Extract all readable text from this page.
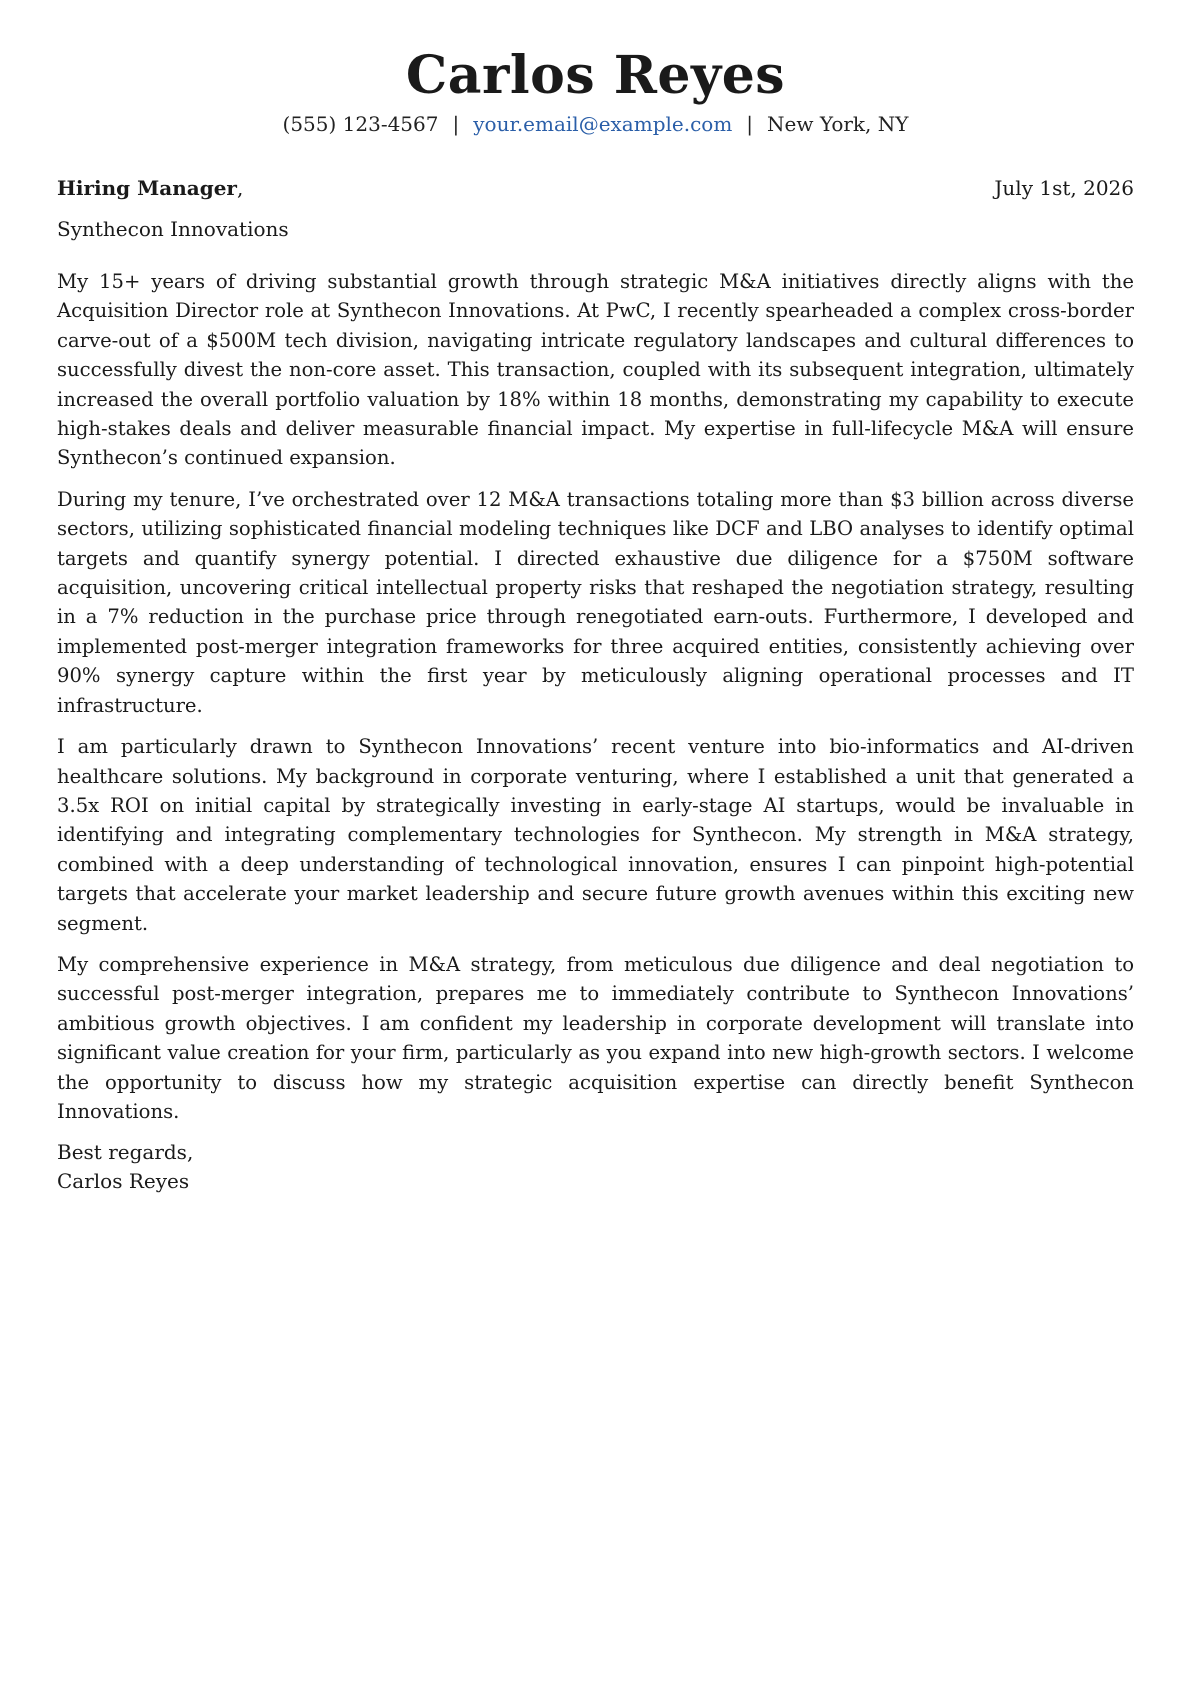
Carlos Reyes
(555) 123-4567 | your.email@example.com | New York, NY
Hiring Manager,	July 1st, 2026
Synthecon Innovations

My 15+ years of driving substantial growth through strategic M&A initiatives directly aligns with the Acquisition Director role at Synthecon Innovations. At PwC, I recently spearheaded a complex cross-border carve-out of a $500M tech division, navigating intricate regulatory landscapes and cultural differences to successfully divest the non-core asset. This transaction, coupled with its subsequent integration, ultimately increased the overall portfolio valuation by 18% within 18 months, demonstrating my capability to execute high-stakes deals and deliver measurable financial impact. My expertise in full-lifecycle M&A will ensure Synthecon’s continued expansion.

During my tenure, I’ve orchestrated over 12 M&A transactions totaling more than $3 billion across diverse sectors, utilizing sophisticated financial modeling techniques like DCF and LBO analyses to identify optimal targets and quantify synergy potential. I directed exhaustive due diligence for a $750M software acquisition, uncovering critical intellectual property risks that reshaped the negotiation strategy, resulting in a 7% reduction in the purchase price through renegotiated earn-outs. Furthermore, I developed and implemented post-merger integration frameworks for three acquired entities, consistently achieving over 90% synergy capture within the first year by meticulously aligning operational processes and IT infrastructure.

I am particularly drawn to Synthecon Innovations’ recent venture into bio-informatics and AI-driven healthcare solutions. My background in corporate venturing, where I established a unit that generated a 3.5x ROI on initial capital by strategically investing in early-stage AI startups, would be invaluable in identifying and integrating complementary technologies for Synthecon. My strength in M&A strategy, combined with a deep understanding of technological innovation, ensures I can pinpoint high-potential targets that accelerate your market leadership and secure future growth avenues within this exciting new segment.

My comprehensive experience in M&A strategy, from meticulous due diligence and deal negotiation to successful post-merger integration, prepares me to immediately contribute to Synthecon Innovations’ ambitious growth objectives. I am confident my leadership in corporate development will translate into significant value creation for your firm, particularly as you expand into new high-growth sectors. I welcome the opportunity to discuss how my strategic acquisition expertise can directly benefit Synthecon Innovations.

Best regards,
Carlos Reyes
